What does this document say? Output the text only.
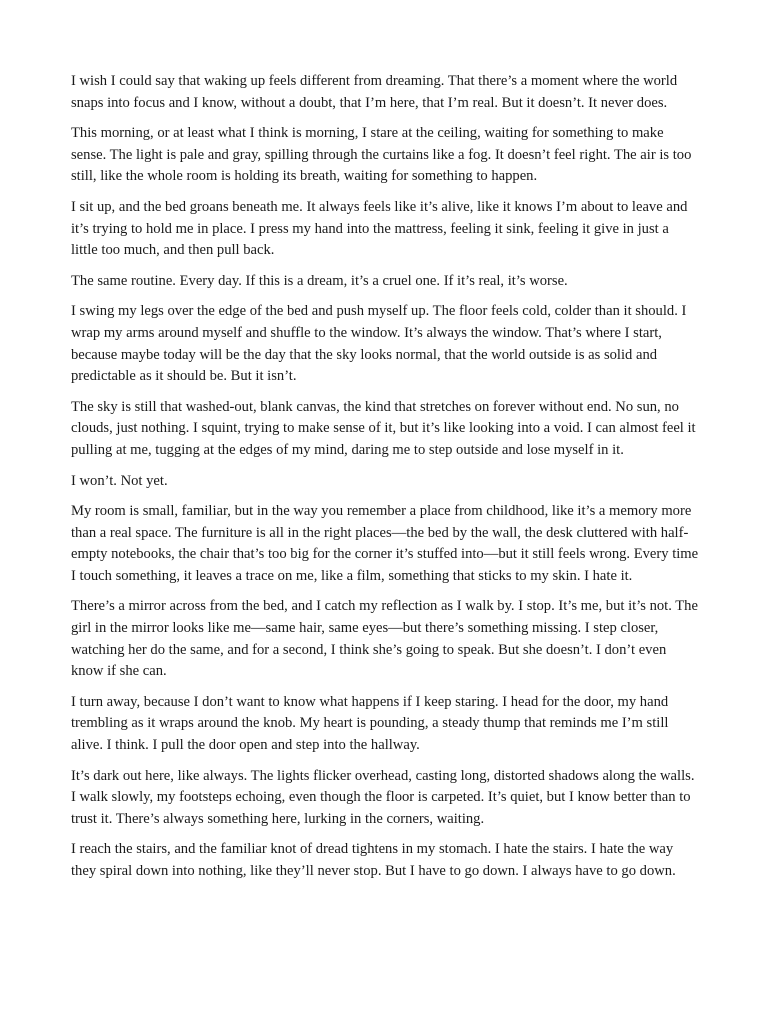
I wish I could say that waking up feels different from dreaming. That there’s a moment where the world snaps into focus and I know, without a doubt, that I’m here, that I’m real. But it doesn’t. It never does.

This morning, or at least what I think is morning, I stare at the ceiling, waiting for something to make sense. The light is pale and gray, spilling through the curtains like a fog. It doesn’t feel right. The air is too still, like the whole room is holding its breath, waiting for something to happen.

I sit up, and the bed groans beneath me. It always feels like it’s alive, like it knows I’m about to leave and it’s trying to hold me in place. I press my hand into the mattress, feeling it sink, feeling it give in just a little too much, and then pull back.

The same routine. Every day. If this is a dream, it’s a cruel one. If it’s real, it’s worse.

I swing my legs over the edge of the bed and push myself up. The floor feels cold, colder than it should. I wrap my arms around myself and shuffle to the window. It’s always the window. That’s where I start, because maybe today will be the day that the sky looks normal, that the world outside is as solid and predictable as it should be. But it isn’t.

The sky is still that washed-out, blank canvas, the kind that stretches on forever without end. No sun, no clouds, just nothing. I squint, trying to make sense of it, but it’s like looking into a void. I can almost feel it pulling at me, tugging at the edges of my mind, daring me to step outside and lose myself in it.

I won’t. Not yet.

My room is small, familiar, but in the way you remember a place from childhood, like it’s a memory more than a real space. The furniture is all in the right places—the bed by the wall, the desk cluttered with half-empty notebooks, the chair that’s too big for the corner it’s stuffed into—but it still feels wrong. Every time I touch something, it leaves a trace on me, like a film, something that sticks to my skin. I hate it.

There’s a mirror across from the bed, and I catch my reflection as I walk by. I stop. It’s me, but it’s not. The girl in the mirror looks like me—same hair, same eyes—but there’s something missing. I step closer, watching her do the same, and for a second, I think she’s going to speak. But she doesn’t. I don’t even know if she can.

I turn away, because I don’t want to know what happens if I keep staring. I head for the door, my hand trembling as it wraps around the knob. My heart is pounding, a steady thump that reminds me I’m still alive. I think. I pull the door open and step into the hallway.

It’s dark out here, like always. The lights flicker overhead, casting long, distorted shadows along the walls. I walk slowly, my footsteps echoing, even though the floor is carpeted. It’s quiet, but I know better than to trust it. There’s always something here, lurking in the corners, waiting.

I reach the stairs, and the familiar knot of dread tightens in my stomach. I hate the stairs. I hate the way they spiral down into nothing, like they’ll never stop. But I have to go down. I always have to go down.
